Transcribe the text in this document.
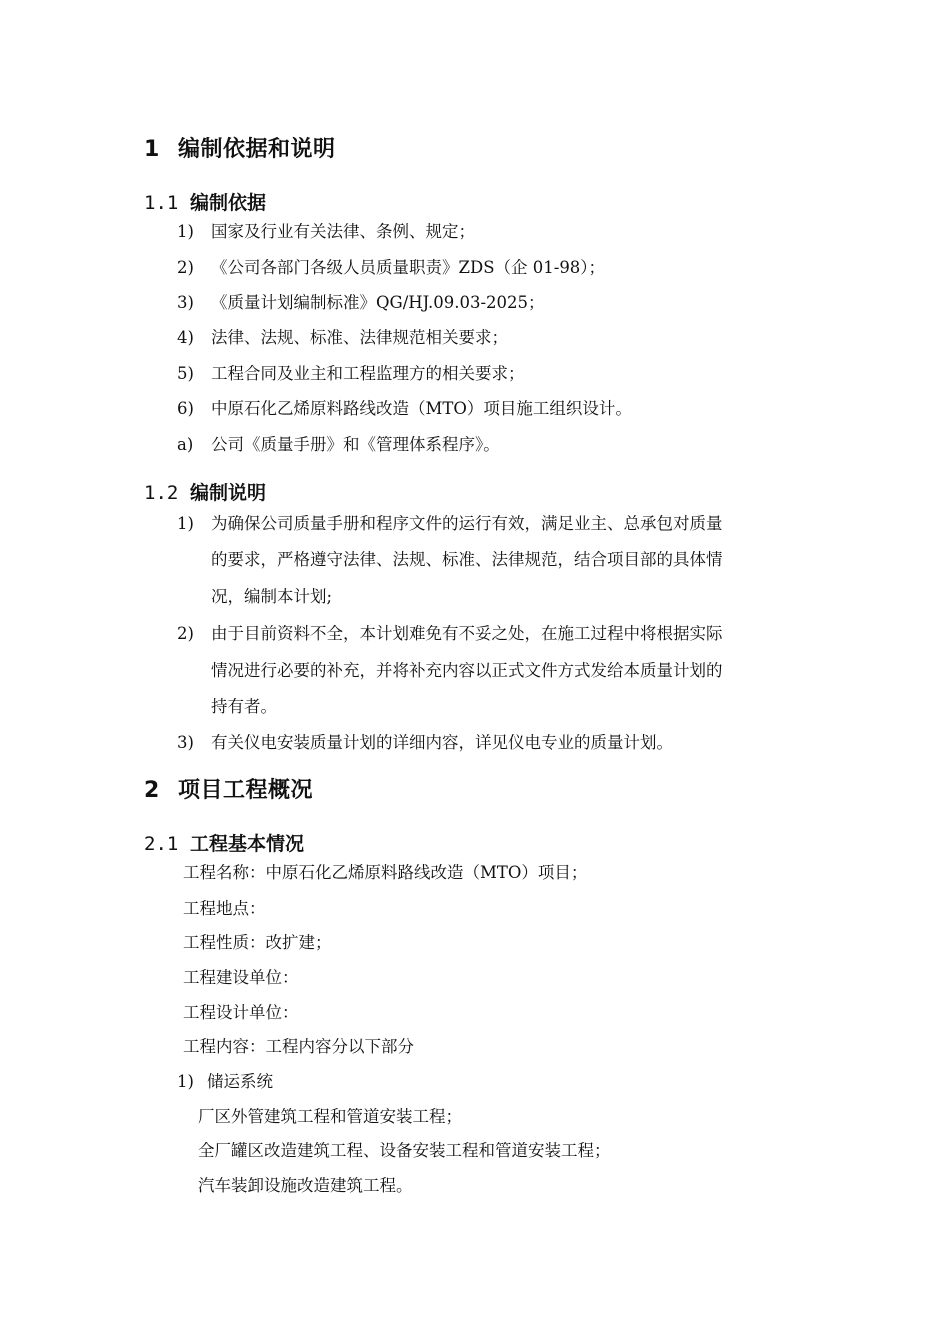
1 编制依据和说明
1.1 编制依据
1)	国家及行业有关法律、条例、规定；
2)	《公司各部门各级人员质量职责》ZDS（企 01-98）；
3)	《质量计划编制标准》QG/HJ.09.03-2025；
4)	法律、法规、标准、法律规范相关要求；
5)	工程合同及业主和工程监理方的相关要求；
6)	中原石化乙烯原料路线改造（MTO）项目施工组织设计。
a)	公司《质量手册》和《管理体系程序》。
1.2 编制说明
1)	为确保公司质量手册和程序文件的运行有效，满足业主、总承包对质量
的要求，严格遵守法律、法规、标准、法律规范，结合项目部的具体情
况，编制本计划;
2)	由于目前资料不全，本计划难免有不妥之处，在施工过程中将根据实际
情况进行必要的补充，并将补充内容以正式文件方式发给本质量计划的
持有者。
3)	有关仪电安装质量计划的详细内容，详见仪电专业的质量计划。
2 项目工程概况
2.1 工程基本情况
工程名称：中原石化乙烯原料路线改造（MTO）项目；
工程地点：
工程性质：改扩建；
工程建设单位：
工程设计单位：
工程内容：工程内容分以下部分
1) 储运系统
厂区外管建筑工程和管道安装工程；
全厂罐区改造建筑工程、设备安装工程和管道安装工程；
汽车装卸设施改造建筑工程。
